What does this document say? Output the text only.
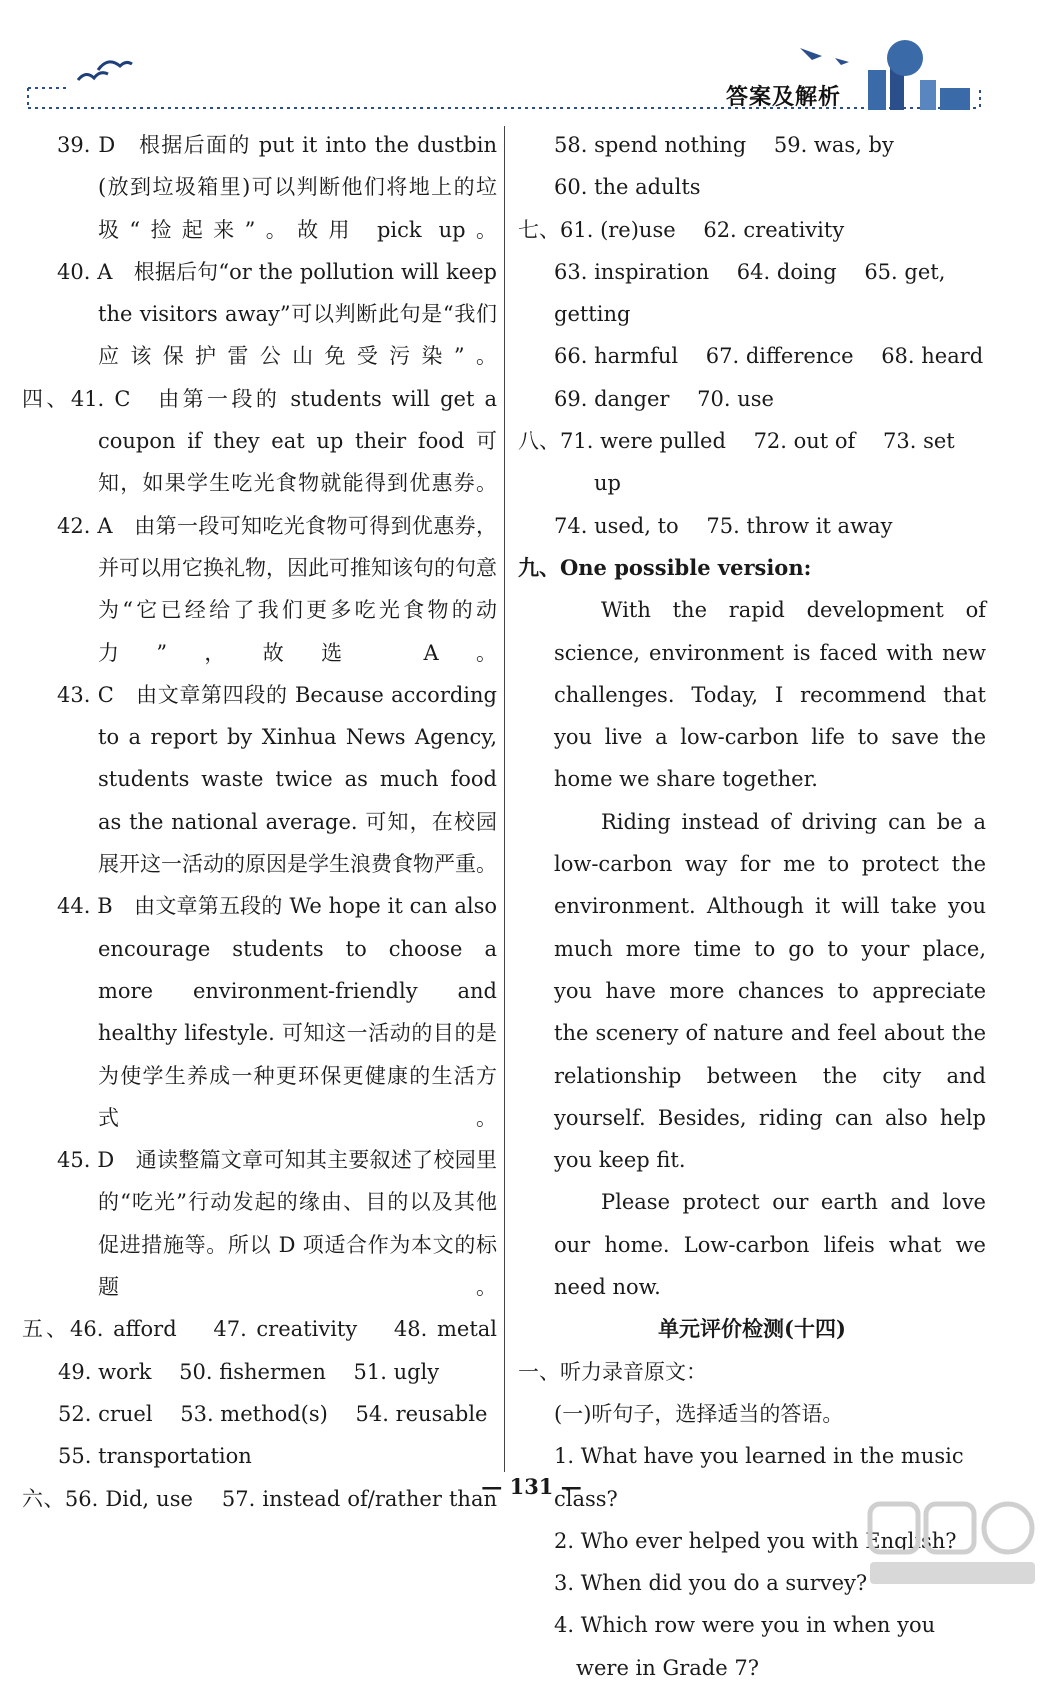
答案及解析

39. D　根据后面的 put it into the dustbin (放到垃圾箱里)可以判断他们将地上的垃圾“捡起来”。故用 pick up。

40. A　根据后句“or the pollution will keep the visitors away”可以判断此句是“我们应该保护雷公山免受污染”。

四、41. C　由第一段的 students will get a coupon if they eat up their food 可知，如果学生吃光食物就能得到优惠券。

42. A　由第一段可知吃光食物可得到优惠券，并可以用它换礼物，因此可推知该句的句意为“它已经给了我们更多吃光食物的动力”，故选 A。

43. C　由文章第四段的 Because according to a report by Xinhua News Agency, students waste twice as much food as the national average. 可知，在校园展开这一活动的原因是学生浪费食物严重。

44. B　由文章第五段的 We hope it can also encourage students to choose a more environment-friendly and healthy lifestyle. 可知这一活动的目的是为使学生养成一种更环保更健康的生活方式。

45. D　通读整篇文章可知其主要叙述了校园里的“吃光”行动发起的缘由、目的以及其他促进措施等。所以 D 项适合作为本文的标题。

五、46. afford　 47. creativity　 48. metal

49. work　 50. fishermen　 51. ugly

52. cruel　 53. method(s)　 54. reusable

55. transportation

六、56. Did, use　 57. instead of/rather than

58. spend nothing　 59. was, by

60. the adults

七、61. (re)use　 62. creativity

63. inspiration　 64. doing　 65. get, getting

66. harmful　 67. difference　 68. heard

69. danger　 70. use

八、71. were pulled　 72. out of　 73. set up

74. used, to　 75. throw it away

九、One possible version:

With the rapid development of science, environment is faced with new challenges. Today, I recommend that you live a low-carbon life to save the home we share together.

Riding instead of driving can be a low-carbon way for me to protect the environment. Although it will take you much more time to go to your place, you have more chances to appreciate the scenery of nature and feel about the relationship between the city and yourself. Besides, riding can also help you keep fit.

Please protect our earth and love our home. Low-carbon lifeis what we need now.

单元评价检测(十四)

一、听力录音原文：

(一)听句子，选择适当的答语。

1. What have you learned in the music class?

2. Who ever helped you with English?

3. When did you do a survey?

4. Which row were you in when you were in Grade 7?

— 131 —
